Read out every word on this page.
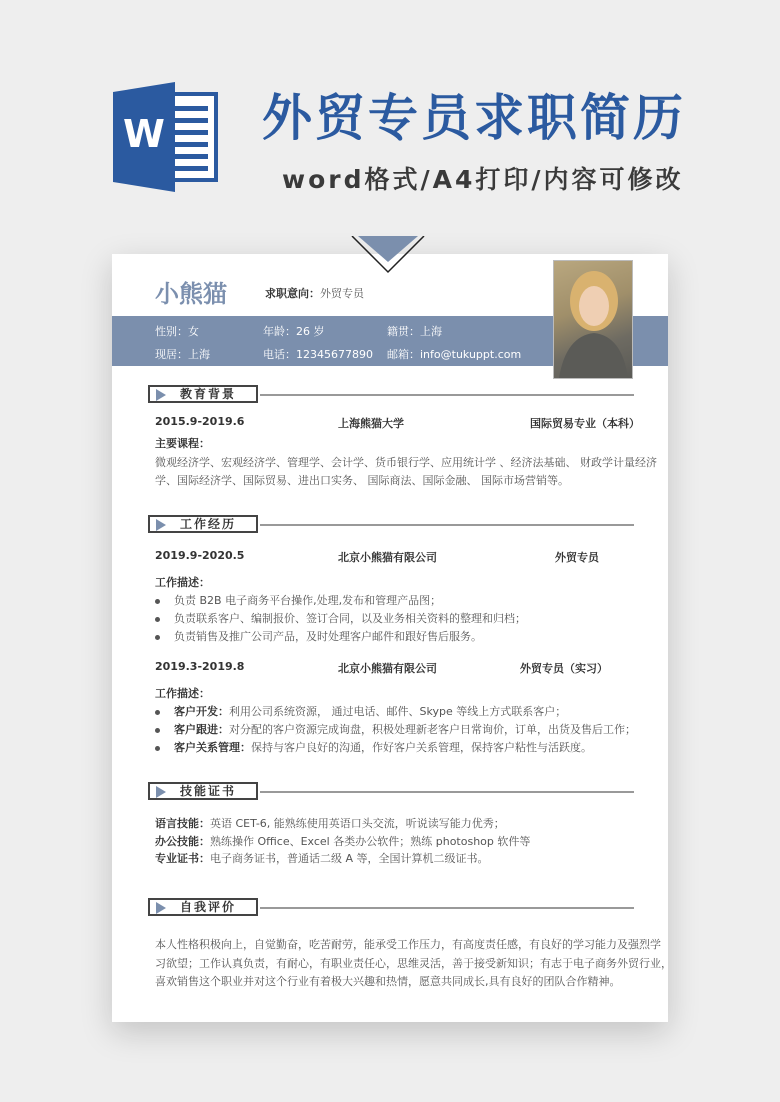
W 外贸专员求职简历
word格式/A4打印/内容可修改
小熊猫	求职意向：外贸专员
性别：女	年龄：26 岁	籍贯：上海
现居：上海	电话：12345677890 邮箱：info@tukuppt.com
教育背景
2015.9-2019.6	上海熊猫大学	国际贸易专业（本科）
主要课程：
微观经济学、宏观经济学、管理学、会计学、货币银行学、应用统计学 、经济法基础、 财政学计量经济
学、国际经济学、国际贸易、进出口实务、 国际商法、国际金融、 国际市场营销等。
工作经历
2019.9-2020.5	北京小熊猫有限公司	外贸专员
工作描述：
负责 B2B 电子商务平台操作,处理,发布和管理产品图；
负责联系客户、编制报价、签订合同，以及业务相关资料的整理和归档；
负责销售及推广公司产品，及时处理客户邮件和跟好售后服务。
2019.3-2019.8	北京小熊猫有限公司	外贸专员（实习）
工作描述：
客户开发：利用公司系统资源， 通过电话、邮件、Skype 等线上方式联系客户；
客户跟进：对分配的客户资源完成询盘，积极处理新老客户日常询价，订单，出货及售后工作；
客户关系管理：保持与客户良好的沟通，作好客户关系管理，保持客户粘性与活跃度。
技能证书
语言技能：英语 CET-6, 能熟练使用英语口头交流，听说读写能力优秀；
办公技能：熟练操作 Office、Excel 各类办公软件；熟练 photoshop 软件等
专业证书：电子商务证书，普通话二级 A 等，全国计算机二级证书。
自我评价
本人性格积极向上，自觉勤奋，吃苦耐劳，能承受工作压力，有高度责任感，有良好的学习能力及强烈学
习欲望；工作认真负责，有耐心，有职业责任心，思维灵活，善于接受新知识；有志于电子商务外贸行业，
喜欢销售这个职业并对这个行业有着极大兴趣和热情，愿意共同成长,具有良好的团队合作精神。
